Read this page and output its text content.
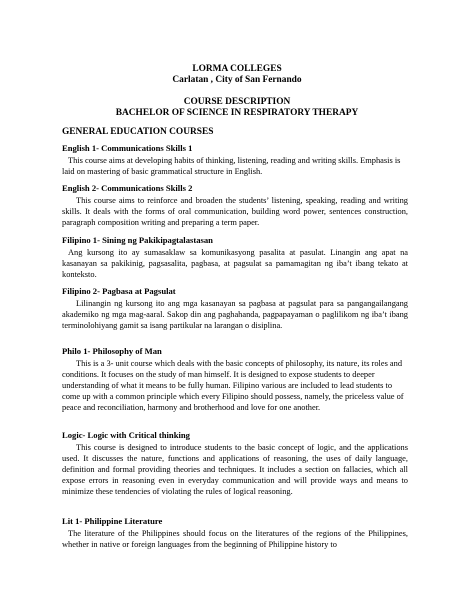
LORMA COLLEGES
Carlatan , City of San Fernando
COURSE DESCRIPTION
BACHELOR OF SCIENCE IN RESPIRATORY THERAPY
GENERAL EDUCATION COURSES
English 1- Communications Skills 1

This course aims at developing habits of thinking, listening, reading and writing skills. Emphasis is laid on mastering of basic grammatical structure in English.

English 2- Communications Skills 2

This course aims to reinforce and broaden the students’ listening, speaking, reading and writing skills. It deals with the forms of oral communication, building word power, sentences construction, paragraph composition writing and preparing a term paper.

Filipino 1- Sining ng Pakikipagtalastasan

Ang kursong ito ay sumasaklaw sa komunikasyong pasalita at pasulat. Linangin ang apat na kasanayan sa pakikinig, pagsasalita, pagbasa, at pagsulat sa pamamagitan ng iba’t ibang tekato at konteksto.

Filipino 2- Pagbasa at Pagsulat

Lilinangin ng kursong ito ang mga kasanayan sa pagbasa at pagsulat para sa pangangailangang akademiko ng mga mag-aaral. Sakop din ang paghahanda, pagpapayaman o paglilikom ng iba’t ibang terminolohiyang gamit sa isang partikular na larangan o disiplina.

Philo 1- Philosophy of Man

This is a 3- unit course which deals with the basic concepts of philosophy, its nature, its roles and conditions. It focuses on the study of man himself. It is designed to expose students to deeper understanding of what it means to be fully human. Filipino various are included to lead students to come up with a common principle which every Filipino should possess, namely, the priceless value of peace and reconciliation, harmony and brotherhood and love for one another.

Logic- Logic with Critical thinking

This course is designed to introduce students to the basic concept of logic, and the applications used. It discusses the nature, functions and applications of reasoning, the uses of daily language, definition and formal providing theories and techniques. It includes a section on fallacies, which all expose errors in reasoning even in everyday communication and will provide ways and means to minimize these tendencies of violating the rules of logical reasoning.

Lit 1- Philippine Literature

The literature of the Philippines should focus on the literatures of the regions of the Philippines, whether in native or foreign languages from the beginning of Philippine history to
